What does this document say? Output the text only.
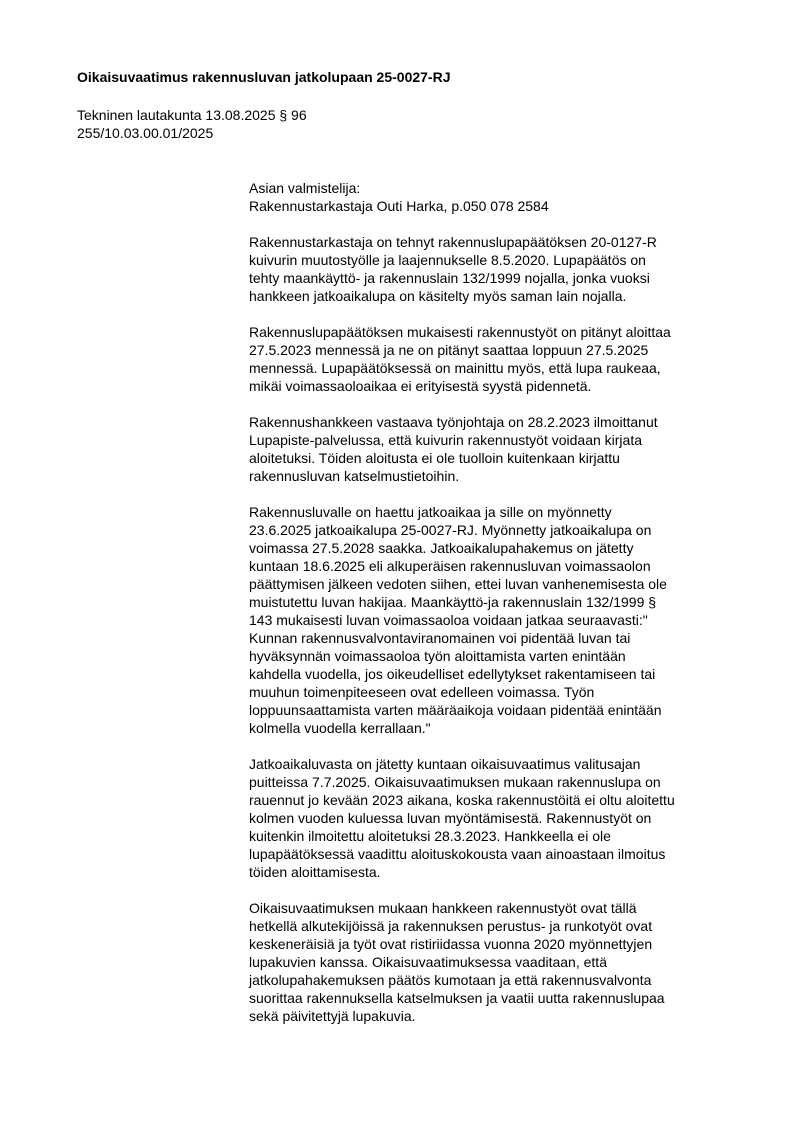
Oikaisuvaatimus rakennusluvan jatkolupaan 25-0027-RJ
Tekninen lautakunta 13.08.2025 § 96
255/10.03.00.01/2025

Asian valmistelija:
Rakennustarkastaja Outi Harka, p.050 078 2584

Rakennustarkastaja on tehnyt rakennuslupapäätöksen 20-0127-R
kuivurin muutostyölle ja laajennukselle 8.5.2020. Lupapäätös on
tehty maankäyttö- ja rakennuslain 132/1999 nojalla, jonka vuoksi
hankkeen jatkoaikalupa on käsitelty myös saman lain nojalla.

Rakennuslupapäätöksen mukaisesti rakennustyöt on pitänyt aloittaa
27.5.2023 mennessä ja ne on pitänyt saattaa loppuun 27.5.2025
mennessä. Lupapäätöksessä on mainittu myös, että lupa raukeaa,
mikäi voimassaoloaikaa ei erityisestä syystä pidennetä.

Rakennushankkeen vastaava työnjohtaja on 28.2.2023 ilmoittanut
Lupapiste-palvelussa, että kuivurin rakennustyöt voidaan kirjata
aloitetuksi. Töiden aloitusta ei ole tuolloin kuitenkaan kirjattu
rakennusluvan katselmustietoihin.

Rakennusluvalle on haettu jatkoaikaa ja sille on myönnetty
23.6.2025 jatkoaikalupa 25-0027-RJ. Myönnetty jatkoaikalupa on
voimassa 27.5.2028 saakka. Jatkoaikalupahakemus on jätetty
kuntaan 18.6.2025 eli alkuperäisen rakennusluvan voimassaolon
päättymisen jälkeen vedoten siihen, ettei luvan vanhenemisesta ole
muistutettu luvan hakijaa. Maankäyttö-ja rakennuslain 132/1999 §
143 mukaisesti luvan voimassaoloa voidaan jatkaa seuraavasti:"
Kunnan rakennusvalvontaviranomainen voi pidentää luvan tai
hyväksynnän voimassaoloa työn aloittamista varten enintään
kahdella vuodella, jos oikeudelliset edellytykset rakentamiseen tai
muuhun toimenpiteeseen ovat edelleen voimassa. Työn
loppuunsaattamista varten määräaikoja voidaan pidentää enintään
kolmella vuodella kerrallaan."

Jatkoaikaluvasta on jätetty kuntaan oikaisuvaatimus valitusajan
puitteissa 7.7.2025. Oikaisuvaatimuksen mukaan rakennuslupa on
rauennut jo kevään 2023 aikana, koska rakennustöitä ei oltu aloitettu
kolmen vuoden kuluessa luvan myöntämisestä. Rakennustyöt on
kuitenkin ilmoitettu aloitetuksi 28.3.2023. Hankkeella ei ole
lupapäätöksessä vaadittu aloituskokousta vaan ainoastaan ilmoitus
töiden aloittamisesta.

Oikaisuvaatimuksen mukaan hankkeen rakennustyöt ovat tällä
hetkellä alkutekijöissä ja rakennuksen perustus- ja runkotyöt ovat
keskeneräisiä ja työt ovat ristiriidassa vuonna 2020 myönnettyjen
lupakuvien kanssa. Oikaisuvaatimuksessa vaaditaan, että
jatkolupahakemuksen päätös kumotaan ja että rakennusvalvonta
suorittaa rakennuksella katselmuksen ja vaatii uutta rakennuslupaa
sekä päivitettyjä lupakuvia.
